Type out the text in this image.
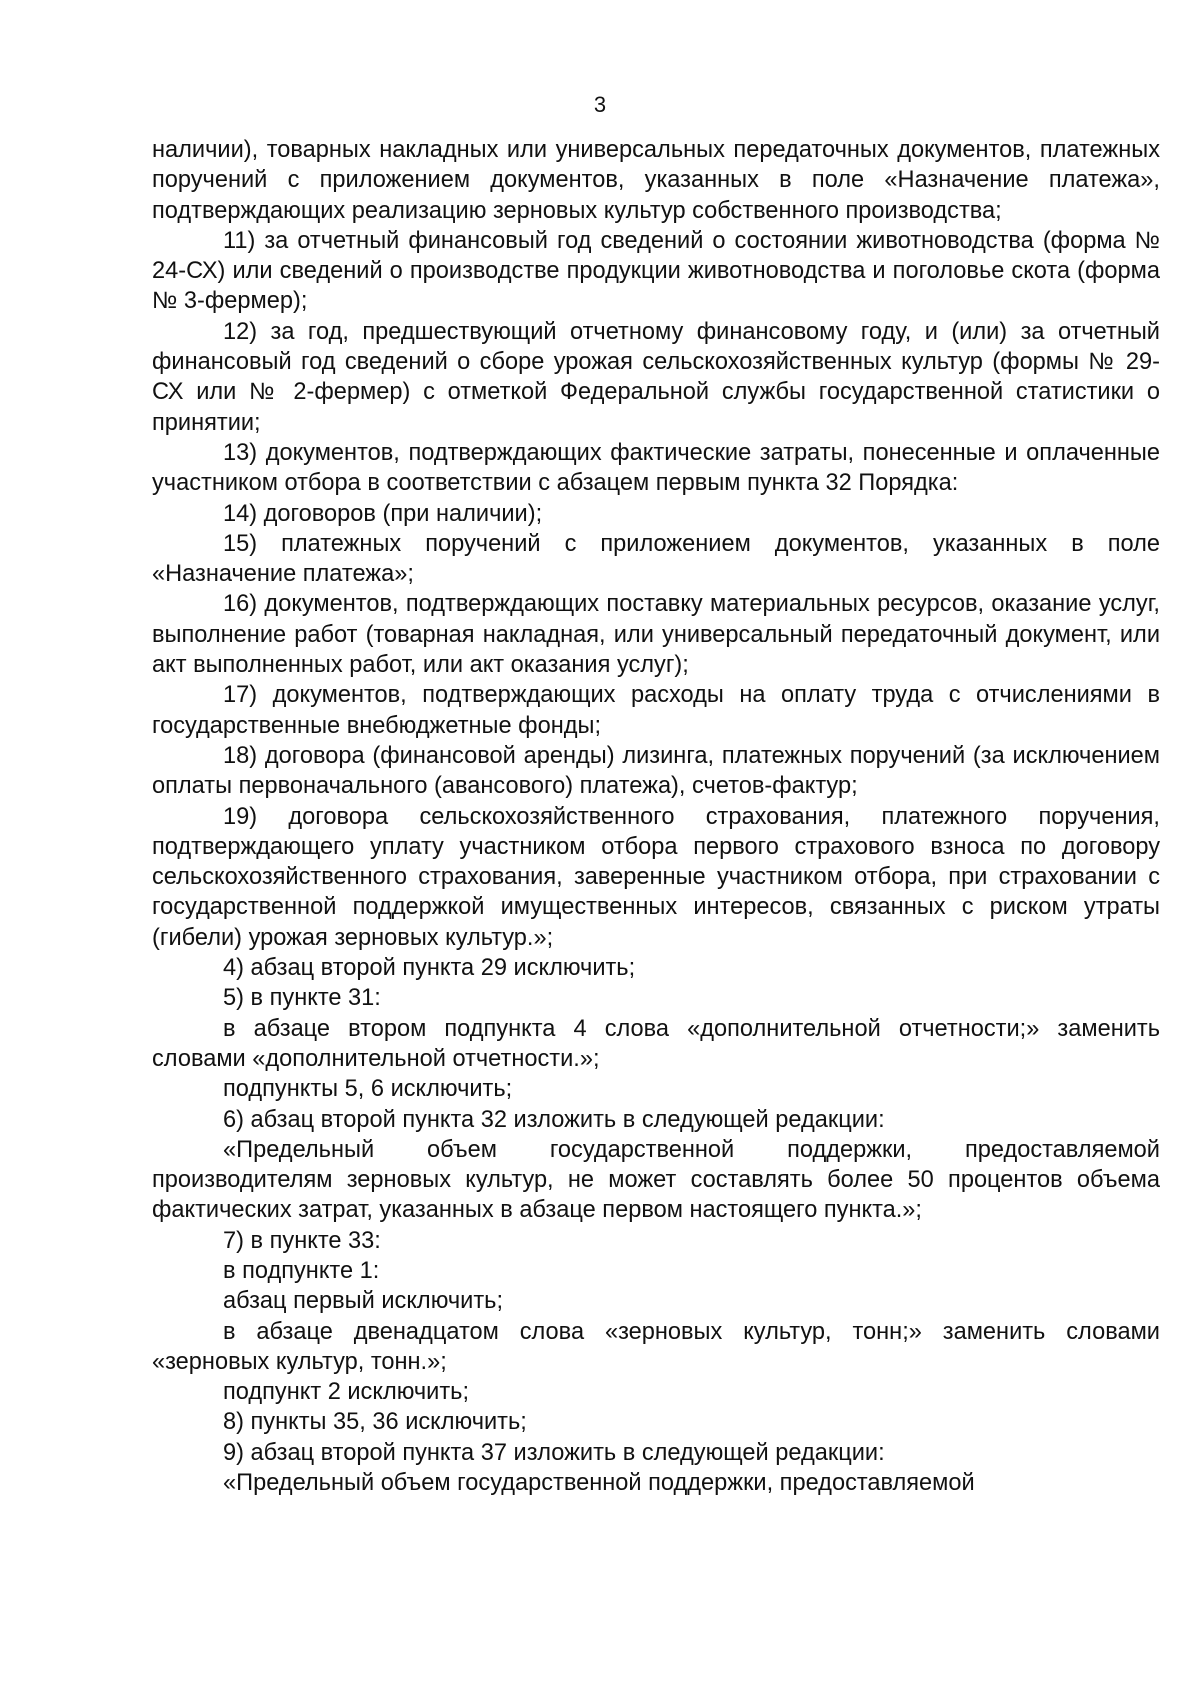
3

наличии), товарных накладных или универсальных передаточных документов, платежных поручений с приложением документов, указанных в поле «Назначение платежа», подтверждающих реализацию зерновых культур собственного производства;

11) за отчетный финансовый год сведений о состоянии животноводства (форма № 24-СХ) или сведений о производстве продукции животноводства и поголовье скота (форма № 3-фермер);

12) за год, предшествующий отчетному финансовому году, и (или) за отчетный финансовый год сведений о сборе урожая сельскохозяйственных культур (формы № 29-СХ или № 2-фермер) с отметкой Федеральной службы государственной статистики о принятии;

13) документов, подтверждающих фактические затраты, понесенные и оплаченные участником отбора в соответствии с абзацем первым пункта 32 Порядка:

14) договоров (при наличии);

15) платежных поручений с приложением документов, указанных в поле «Назначение платежа»;

16) документов, подтверждающих поставку материальных ресурсов, оказание услуг, выполнение работ (товарная накладная, или универсальный передаточный документ, или акт выполненных работ, или акт оказания услуг);

17) документов, подтверждающих расходы на оплату труда с отчислениями в государственные внебюджетные фонды;

18) договора (финансовой аренды) лизинга, платежных поручений (за исключением оплаты первоначального (авансового) платежа), счетов-фактур;

19) договора сельскохозяйственного страхования, платежного поручения, подтверждающего уплату участником отбора первого страхового взноса по договору сельскохозяйственного страхования, заверенные участником отбора, при страховании с государственной поддержкой имущественных интересов, связанных с риском утраты (гибели) урожая зерновых культур.»;

4) абзац второй пункта 29 исключить;

5) в пункте 31:

в абзаце втором подпункта 4 слова «дополнительной отчетности;» заменить словами «дополнительной отчетности.»;

подпункты 5, 6 исключить;

6) абзац второй пункта 32 изложить в следующей редакции:

«Предельный объем государственной поддержки, предоставляемой производителям зерновых культур, не может составлять более 50 процентов объема фактических затрат, указанных в абзаце первом настоящего пункта.»;

7) в пункте 33:

в подпункте 1:

абзац первый исключить;

в абзаце двенадцатом слова «зерновых культур, тонн;» заменить словами «зерновых культур, тонн.»;

подпункт 2 исключить;

8) пункты 35, 36 исключить;

9) абзац второй пункта 37 изложить в следующей редакции:

«Предельный объем государственной поддержки, предоставляемой
